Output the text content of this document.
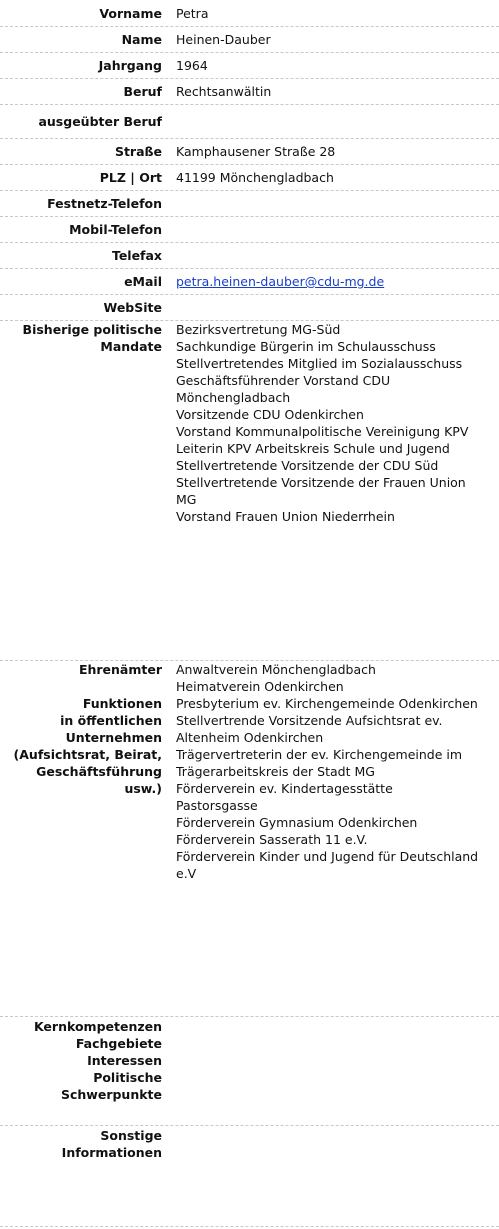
Vorname Petra
Name Heinen-Dauber
Jahrgang 1964
Beruf Rechtsanwältin
ausgeübter Beruf
Straße Kamphausener Straße 28
PLZ | Ort 41199 Mönchengladbach
Festnetz-Telefon
Mobil-Telefon
Telefax
eMail petra.heinen-dauber@cdu-mg.de
WebSite
Bisherige politische
Mandate
Bezirksvertretung MG-Süd
Sachkundige Bürgerin im Schulausschuss
Stellvertretendes Mitglied im Sozialausschuss
Geschäftsführender Vorstand CDU
Mönchengladbach
Vorsitzende CDU Odenkirchen
Vorstand Kommunalpolitische Vereinigung KPV
Leiterin KPV Arbeitskreis Schule und Jugend
Stellvertretende Vorsitzende der CDU Süd
Stellvertretende Vorsitzende der Frauen Union
MG
Vorstand Frauen Union Niederrhein
Ehrenämter
Funktionen
in öffentlichen
Unternehmen
(Aufsichtsrat, Beirat,
Geschäftsführung
usw.)
Anwaltverein Mönchengladbach
Heimatverein Odenkirchen
Presbyterium ev. Kirchengemeinde Odenkirchen
Stellvertrende Vorsitzende Aufsichtsrat ev.
Altenheim Odenkirchen
Trägervertreterin der ev. Kirchengemeinde im
Trägerarbeitskreis der Stadt MG
Förderverein ev. Kindertagesstätte
Pastorsgasse
Förderverein Gymnasium Odenkirchen
Förderverein Sasserath 11 e.V.
Förderverein Kinder und Jugend für Deutschland
e.V
Kernkompetenzen
Fachgebiete
Interessen
Politische
Schwerpunkte
Sonstige
Informationen
